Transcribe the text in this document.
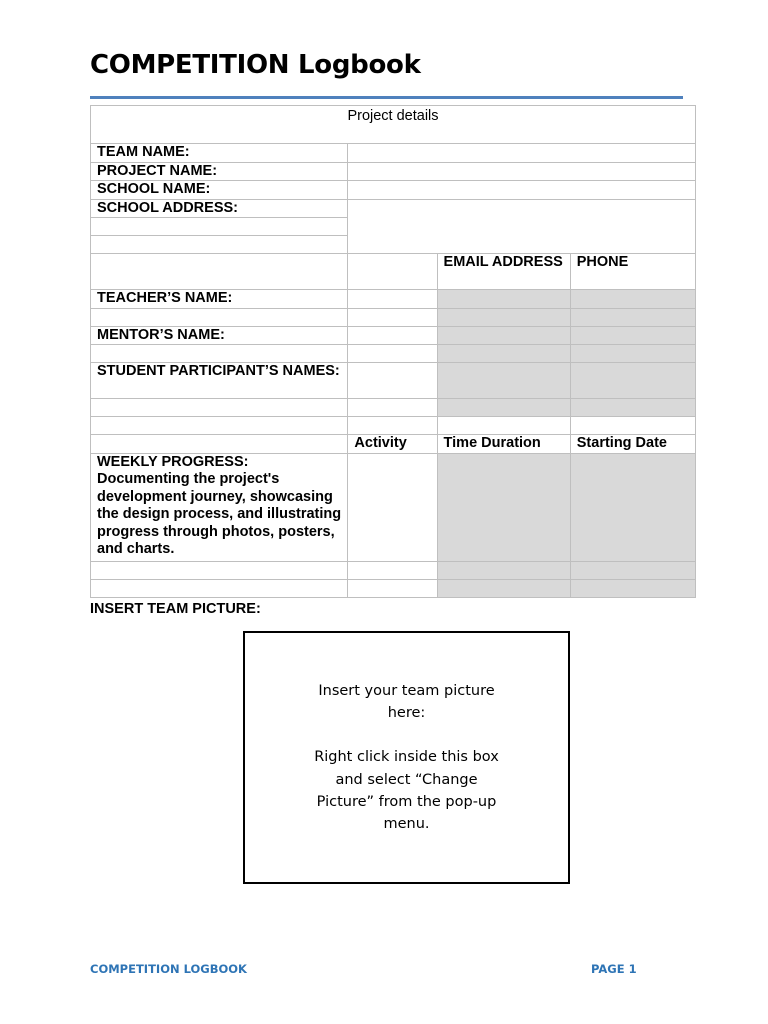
COMPETITION Logbook
Project details			
TEAM NAME:			
PROJECT NAME:			
SCHOOL NAME:			
SCHOOL ADDRESS:			

		EMAIL ADDRESS	PHONE
TEACHER’S NAME:			

MENTOR’S NAME:			

STUDENT PARTICIPANT’S NAMES:			

	Activity	Time Duration	Starting Date

WEEKLY PROGRESS:
Documenting the project's development journey, showcasing the design process, and illustrating progress through photos, posters, and charts.			

INSERT TEAM PICTURE:

Insert your team picture here:

Right click inside this box and select “Change Picture” from the pop-up menu.

COMPETITION LOGBOOK	PAGE 1
